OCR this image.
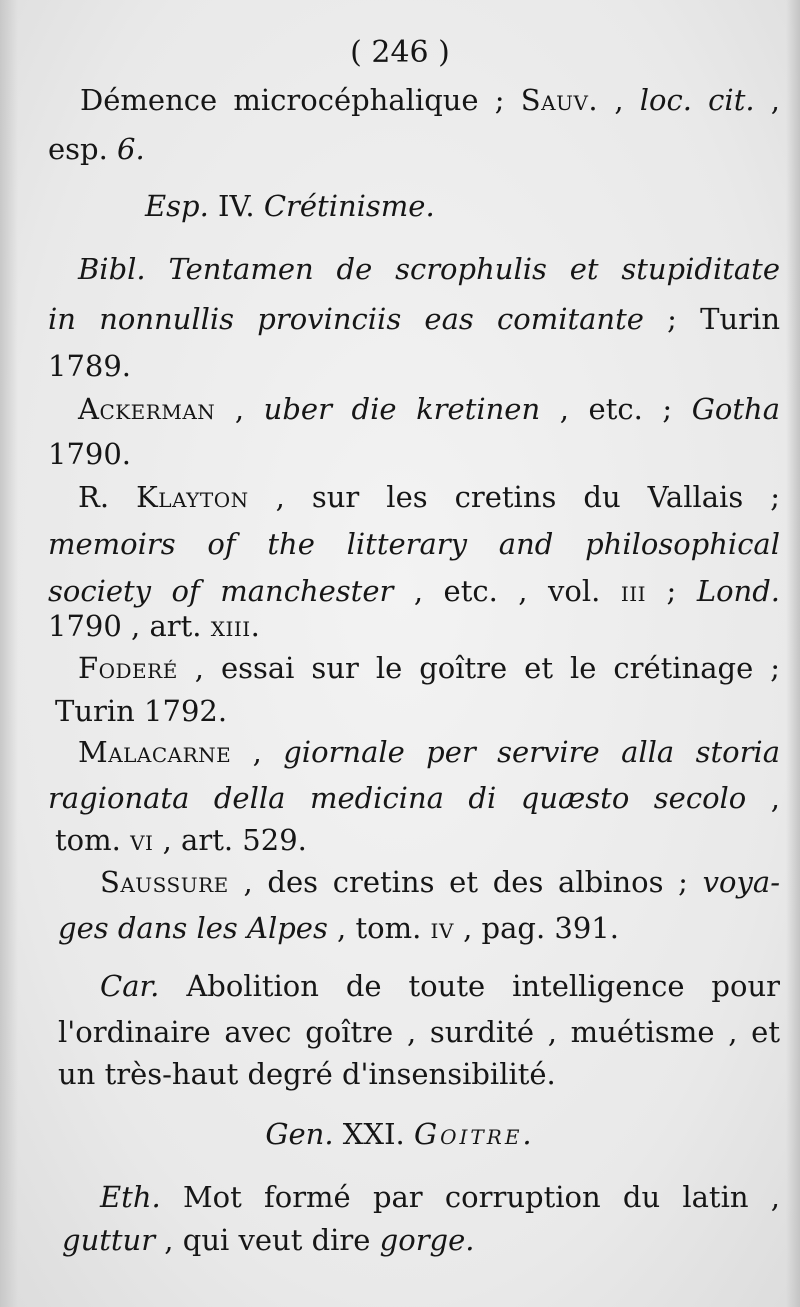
( 246 )
Démence microcéphalique ; Sauv. , loc. cit. ,
esp. 6.
Esp. IV. Crétinisme.
Bibl. Tentamen de scrophulis et stupiditate
in nonnullis provinciis eas comitante ; Turin
1789.
Ackerman , uber die kretinen , etc. ; Gotha
1790.
R. Klayton , sur les cretins du Vallais ;
memoirs of the litterary and philosophical
society of manchester , etc. , vol. iii ; Lond.
1790 , art. xiii.
Foderé , essai sur le goître et le crétinage ;
Turin 1792.
Malacarne , giornale per servire alla storia
ragionata della medicina di quæsto secolo ,
tom. vi , art. 529.
Saussure , des cretins et des albinos ; voya-
ges dans les Alpes , tom. iv , pag. 391.
Car. Abolition de toute intelligence pour
l'ordinaire avec goître , surdité , muétisme , et
un très-haut degré d'insensibilité.
Gen. XXI. Goitre.
Eth. Mot formé par corruption du latin ,
guttur , qui veut dire gorge.
